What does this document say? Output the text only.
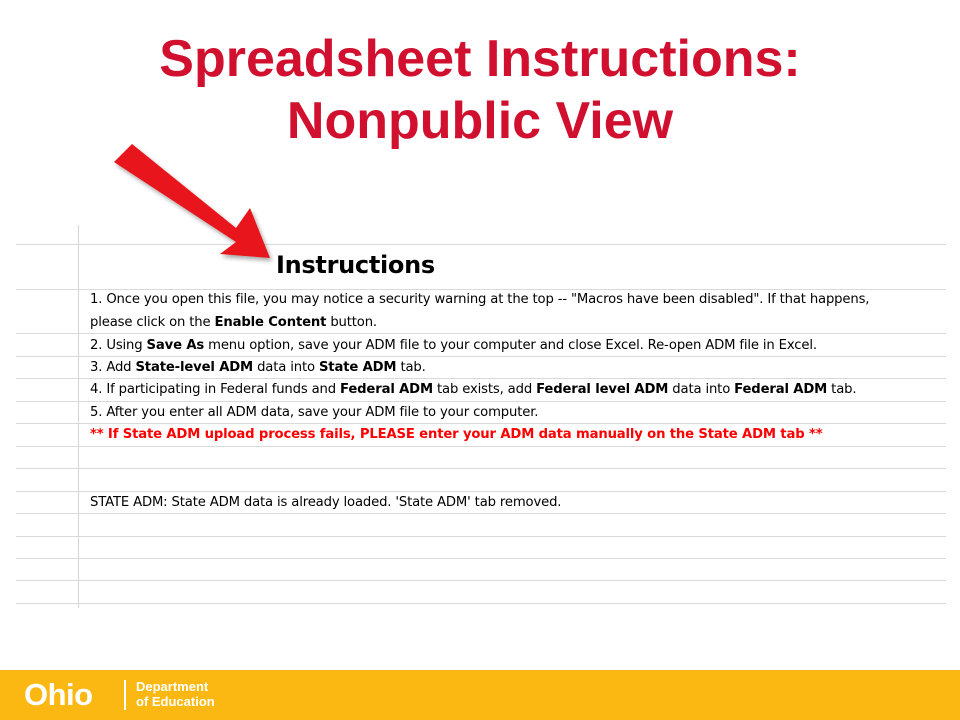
Spreadsheet Instructions:
Nonpublic View
Instructions
1. Once you open this file, you may notice a security warning at the top -- "Macros have been disabled". If that happens,
please click on the Enable Content button.
2. Using Save As menu option, save your ADM file to your computer and close Excel. Re-open ADM file in Excel.
3. Add State-level ADM data into State ADM tab.
4. If participating in Federal funds and Federal ADM tab exists, add Federal level ADM data into Federal ADM tab.
5. After you enter all ADM data, save your ADM file to your computer.
** If State ADM upload process fails, PLEASE enter your ADM data manually on the State ADM tab **
STATE ADM: State ADM data is already loaded. 'State ADM' tab removed.
Ohio	Department
of Education
